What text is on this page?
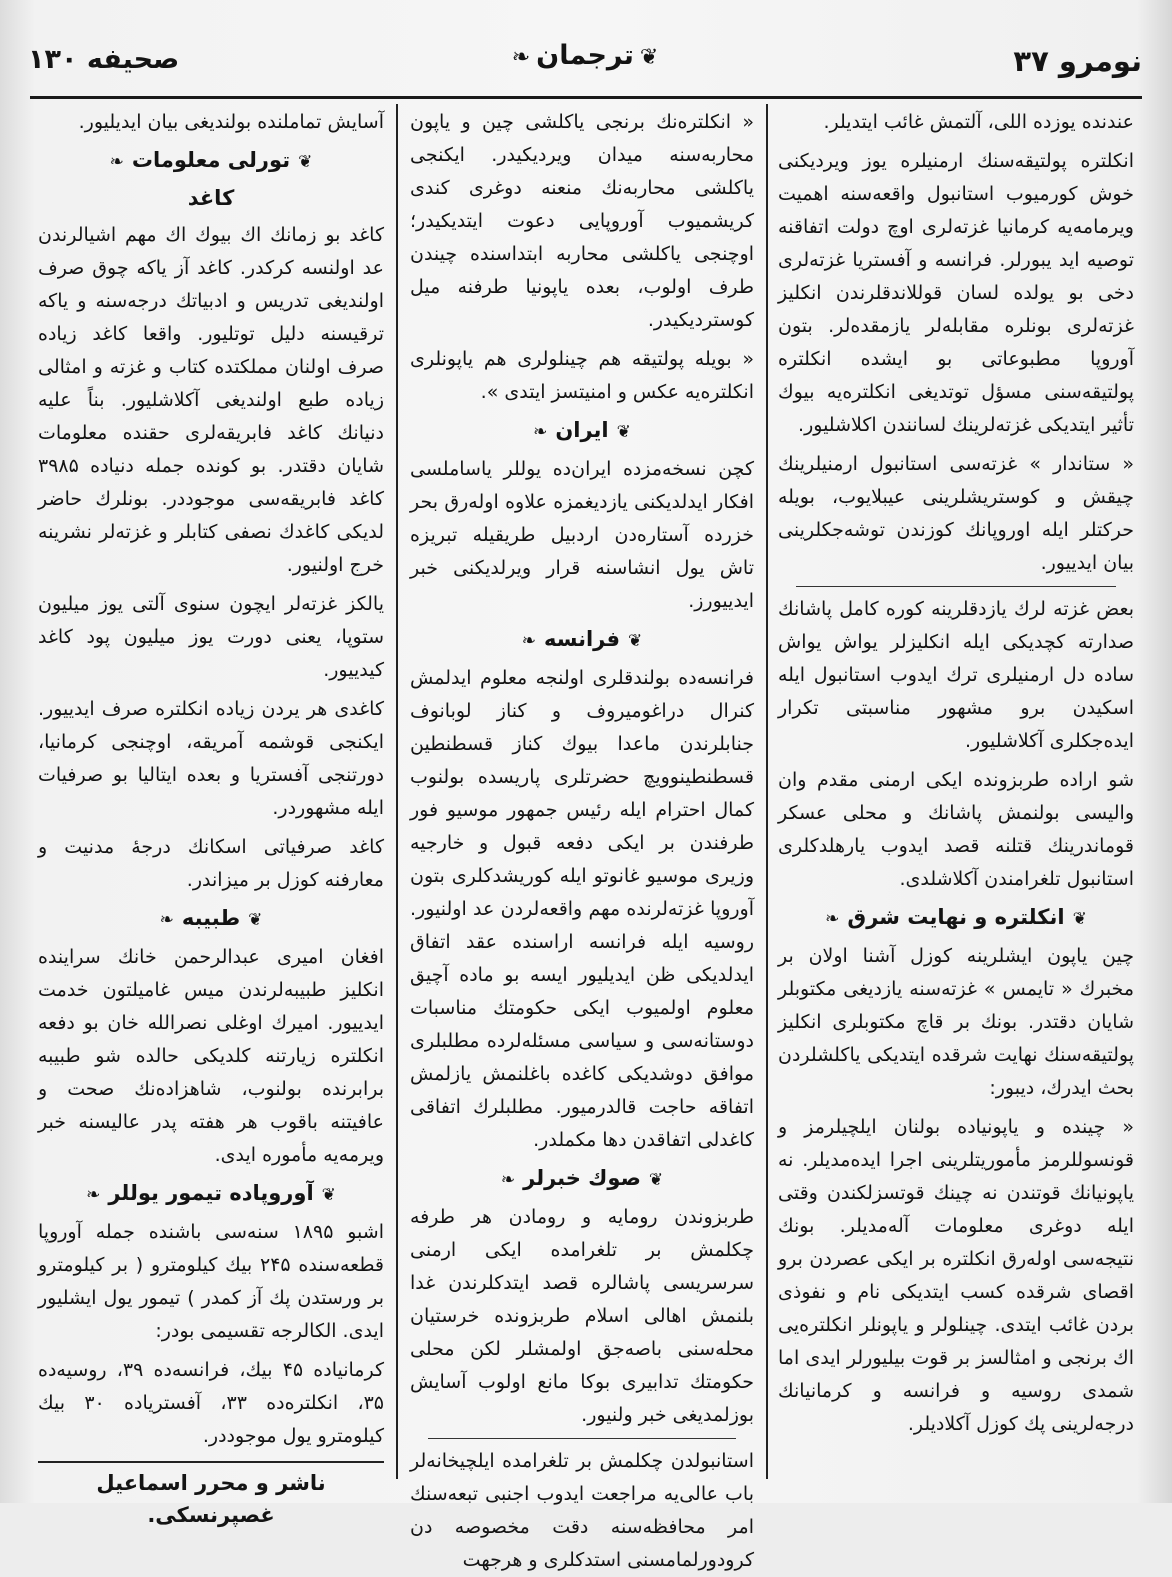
نومرو ۳۷
❦ترجمان❧
صحیفه ۱۳۰

عندنده یوزده اللی، آلتمش غائب ایتدیلر.

انکلتره پولتیقه‌سنك ارمنیلره یوز ویردیکنی خوش کورمیوب استانبول واقعه‌سنه اهمیت ویرمامه‌یه کرمانیا غزته‌لری اوچ دولت اتفاقنه توصیه اید یبورلر. فرانسه و آفستریا غزته‌لری دخی بو یولده لسان قوللاندقلرندن انکلیز غزته‌لری بونلره مقابله‌لر یازمقده‌لر. بتون آوروپا مطبوعاتی بو ایشده انکلتره پولتیقه‌سنی مسؤل توتدیغی انکلتره‌یه بیوك تأثیر ایتدیکی غزته‌لرینك لسانندن اکلاشلیور.

« ستاندار » غزته‌سی استانبول ارمنیلرینك چیقش و کوستریشلرینی عیبلایوب، بویله حرکتلر ایله اوروپانك کوزندن توشه‌جکلرینی بیان ایدییور.

بعض غزته لرك یازدقلرینه کوره کامل پاشانك صدارته کچدیکی ایله انکلیزلر یواش یواش ساده دل ارمنیلری ترك ایدوب استانبول ایله اسکیدن برو مشهور مناسبتی تکرار ایده‌جکلری آکلاشلیور.

شو اراده طربزونده ایکی ارمنی مقدم وان والیسی بولنمش پاشانك و محلی عسکر قوماندرینك قتلنه قصد ایدوب یارهلدکلری استانبول تلغرامندن آکلاشلدی.

❦انکلتره و نهایت شرق❧

چین یاپون ایشلرینه کوزل آشنا اولان بر مخبرك « تایمس » غزته‌سنه یازدیغی مکتوبلر شایان دقتدر. بونك بر قاچ مکتوبلری انکلیز پولتیقه‌سنك نهایت شرقده ایتدیکی یاکلشلردن بحث ایدرك، دیبور:

« چینده و یاپونیاده بولنان ایلچیلرمز و قونسوللرمز مأموریتلرینی اجرا ایده‌مدیلر. نه یاپونیانك قوتندن نه چینك قوتسزلکندن وقتی ایله دوغری معلومات آله‌مدیلر. بونك نتیجه‌سی اوله‌رق انکلتره بر ایکی عصردن برو اقصای شرقده کسب ایتدیکی نام و نفوذی بردن غائب ایتدی. چینلولر و یاپونلر انکلتره‌یی اك برنجی و امثالسز بر قوت بیلیورلر ایدی اما شمدی روسیه و فرانسه و کرمانیانك درجه‌لرینی پك کوزل آکلادیلر.

« انکلتره‌نك برنجی یاکلشی چین و یاپون محاربه‌سنه میدان ویردیکیدر. ایکنجی یاکلشی محاربه‌نك منعنه دوغری کندی کریشمیوب آوروپایی دعوت ایتدیکیدر؛ اوچنجی یاکلشی محاربه ابتداسنده چیندن طرف اولوب، بعده یاپونیا طرفنه میل کوستردیکیدر.

« بویله پولتیقه هم چینلولری هم یاپونلری انکلتره‌یه عکس و امنیتسز ایتدی ».

❦ایران❧

کچن نسخه‌مزده ایران‌ده یوللر یاساملسی افکار ایدلدیکنی یازدیغمزه علاوه اوله‌رق بحر خزرده آستاره‌دن اردبیل طریقیله تبریزه تاش یول انشاسنه قرار ویرلدیکنی خبر ایدییورز.

❦فرانسه❧

فرانسه‌ده بولندقلری اولنجه معلوم ایدلمش کنرال دراغومیروف و کناز لوبانوف جنابلرندن ماعدا بیوك کناز قسطنطین قسطنطینوویچ حضرتلری پاریسده بولنوب کمال احترام ایله رئیس جمهور موسیو فور طرفندن بر ایکی دفعه قبول و خارجیه وزیری موسیو غانوتو ایله کوریشدکلری بتون آوروپا غزته‌لرنده مهم واقعه‌لردن عد اولنیور. روسیه ایله فرانسه اراسنده عقد اتفاق ایدلدیکی ظن ایدیلیور ایسه بو ماده آچیق معلوم اولمیوب ایکی حکومتك مناسبات دوستانه‌سی و سیاسی مسئله‌لرده مطلبلری موافق دوشدیکی کاغده باغلنمش یازلمش اتفاقه حاجت قالدرمیور. مطلبلرك اتفاقی کاغدلی اتفاقدن دها مکملدر.

❦صوك خبرلر❧

طربزوندن رومایه و رومادن هر طرفه چکلمش بر تلغرامده ایکی ارمنی سرسریسی پاشالره قصد ایتدکلرندن غدا بلنمش اهالی اسلام طربزونده خرستیان محله‌سنی باصه‌جق اولمشلر لکن محلی حکومتك تدابیری بوکا مانع اولوب آسایش بوزلمدیغی خبر ولنیور.

استانبولدن چکلمش بر تلغرامده ایلچیخانه‌لر باب عالی‌یه مراجعت ایدوب اجنبی تبعه‌سنك امر محافظه‌سنه دقت مخصوصه دن کرودورلمامسنی استدکلری و هرجهت

آسایش تماملنده بولندیغی بیان ایدیلیور.

❦تورلی معلومات❧
کاغد

کاغد بو زمانك اك بیوك اك مهم اشیالرندن عد اولنسه کرکدر. کاغد آز یاکه چوق صرف اولندیغی تدریس و ادبیاتك درجه‌سنه و یاکه ترقیسنه دلیل توتلیور. واقعا کاغد زیاده صرف اولنان مملکتده کتاب و غزته و امثالی زیاده طبع اولندیغی آکلاشلیور. بناً علیه دنیانك کاغد فابریقه‌لری حقنده معلومات شایان دقتدر. بو کونده جمله دنیاده ۳۹۸۵ کاغد فابریقه‌سی موجوددر. بونلرك حاضر لدیکی کاغدك نصفی کتابلر و غزته‌لر نشرینه خرج اولنیور.

یالکز غزته‌لر ایچون سنوی آلتی یوز میلیون ستوپا، یعنی دورت یوز میلیون پود کاغد کیدییور.

کاغدی هر یردن زیاده انکلتره صرف ایدییور. ایکنجی قوشمه آمریقه، اوچنجی کرمانیا، دورتنجی آفستریا و بعده ایتالیا بو صرفیات ایله مشهوردر.

کاغد صرفیاتی اسکانك درجهٔ مدنیت و معارفنه کوزل بر میزاندر.

❦طبیبه❧

افغان امیری عبدالرحمن خانك سراینده انکلیز طبیبه‌لرندن میس غامیلتون خدمت ایدییور. امیرك اوغلی نصرالله خان بو دفعه انکلتره زیارتنه کلدیکی حالده شو طبیبه برابرنده بولنوب، شاهزاده‌نك صحت و عافیتنه باقوب هر هفته پدر عالیسنه خبر ویرمه‌یه مأموره ایدی.

❦آوروپاده تیمور یوللر❧

اشبو ۱۸۹۵ سنه‌سی باشنده جمله آوروپا قطعه‌سنده ۲۴۵ بیك کیلومترو ( بر کیلومترو بر ورستدن پك آز کمدر ) تیمور یول ایشلیور ایدی. الکالرجه تقسیمی بودر:

کرمانیاده ۴۵ بیك، فرانسه‌ده ۳۹، روسیه‌ده ۳۵، انکلتره‌ده ۳۳، آفستریاده ۳۰ بیك کیلومترو یول موجوددر.

ناشر و محرر اسماعیل غصپرنسکی.
